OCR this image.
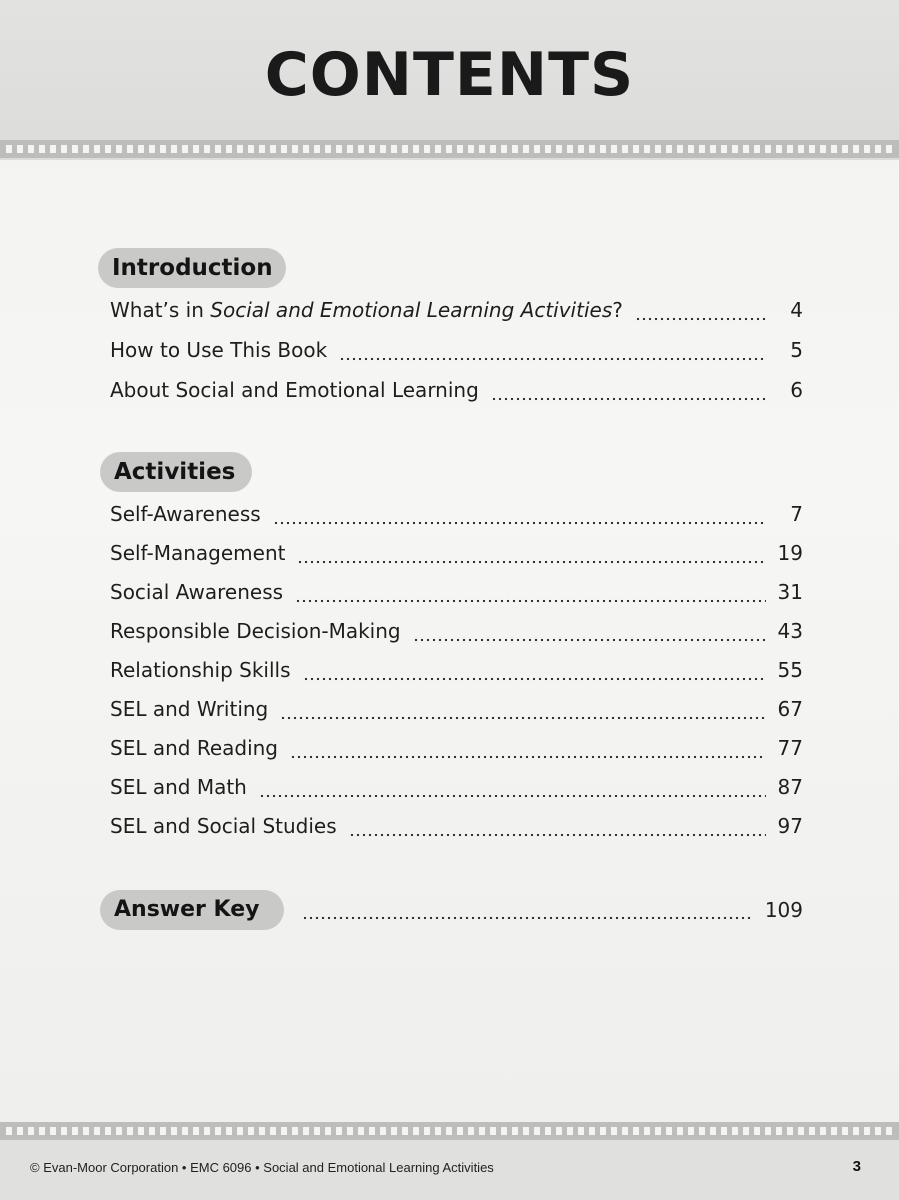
CONTENTS
Introduction
What’s in Social and Emotional Learning Activities?	4
How to Use This Book	5
About Social and Emotional Learning	6
Activities
Self-Awareness	7
Self-Management	19
Social Awareness	31
Responsible Decision-Making	43
Relationship Skills	55
SEL and Writing	67
SEL and Reading	77
SEL and Math	87
SEL and Social Studies	97
Answer Key	109
© Evan-Moor Corporation • EMC 6096 • Social and Emotional Learning Activities	3
